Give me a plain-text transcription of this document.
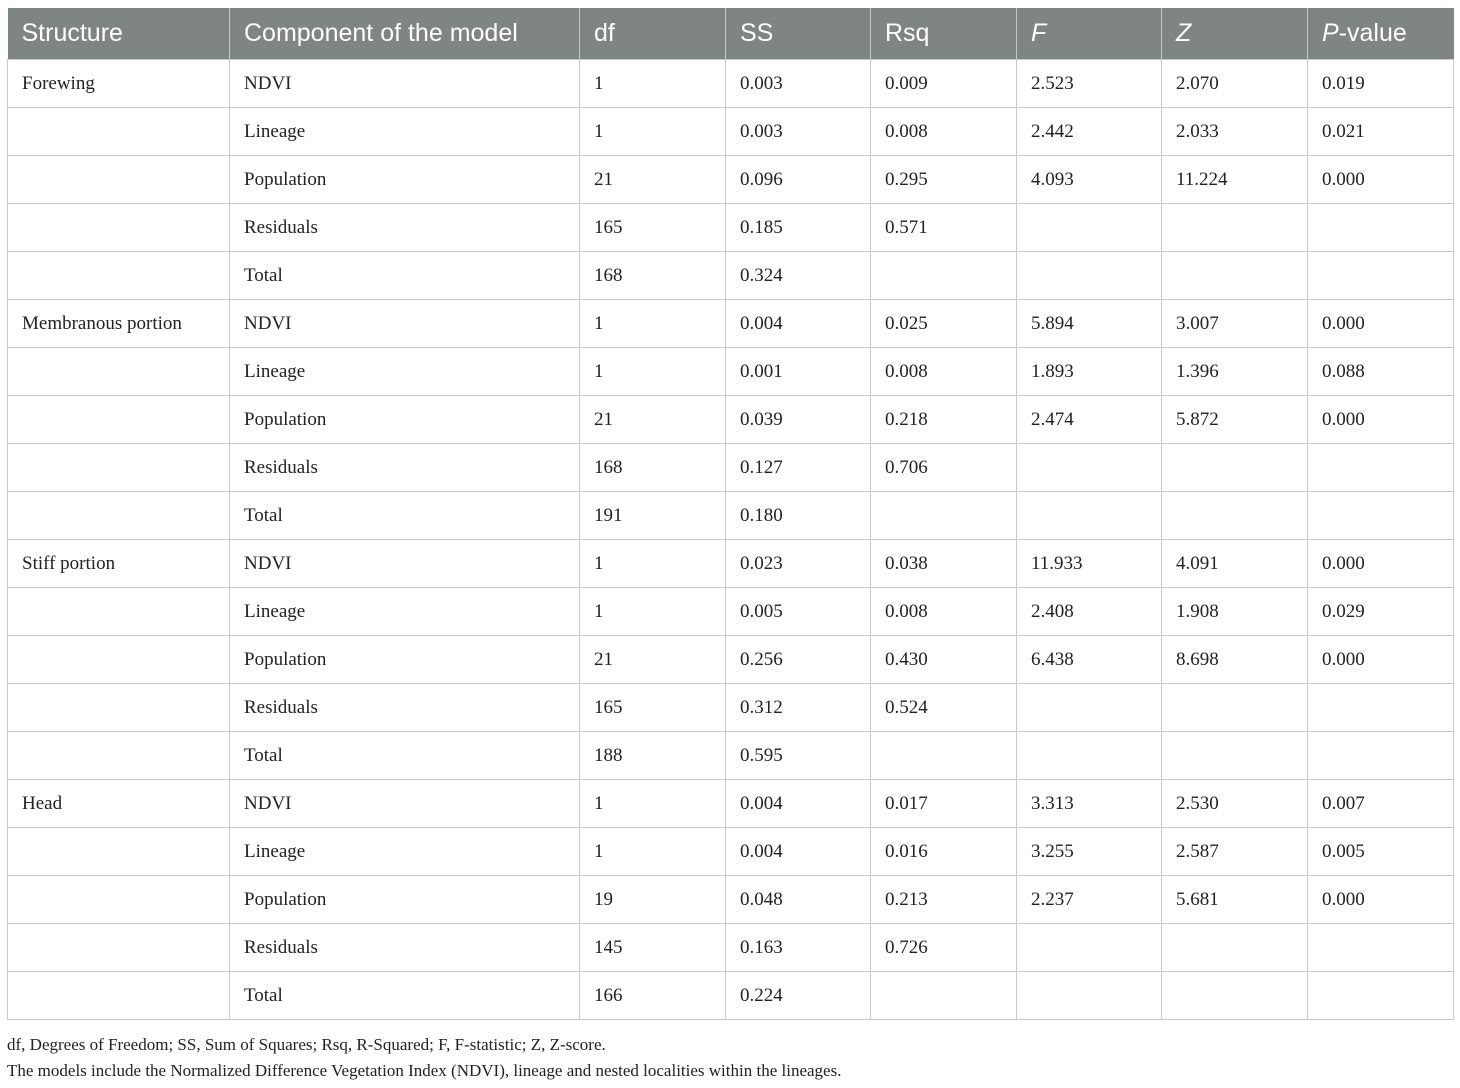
Structure	Component of the model	df	SS	Rsq	F	Z	P-value
Forewing	NDVI	1	0.003	0.009	2.523	2.070	0.019
	Lineage	1	0.003	0.008	2.442	2.033	0.021
	Population	21	0.096	0.295	4.093	11.224	0.000
	Residuals	165	0.185	0.571			
	Total	168	0.324				
Membranous portion	NDVI	1	0.004	0.025	5.894	3.007	0.000
	Lineage	1	0.001	0.008	1.893	1.396	0.088
	Population	21	0.039	0.218	2.474	5.872	0.000
	Residuals	168	0.127	0.706			
	Total	191	0.180				
Stiff portion	NDVI	1	0.023	0.038	11.933	4.091	0.000
	Lineage	1	0.005	0.008	2.408	1.908	0.029
	Population	21	0.256	0.430	6.438	8.698	0.000
	Residuals	165	0.312	0.524			
	Total	188	0.595				
Head	NDVI	1	0.004	0.017	3.313	2.530	0.007
	Lineage	1	0.004	0.016	3.255	2.587	0.005
	Population	19	0.048	0.213	2.237	5.681	0.000
	Residuals	145	0.163	0.726			
	Total	166	0.224				

df, Degrees of Freedom; SS, Sum of Squares; Rsq, R-Squared; F, F-statistic; Z, Z-score.

The models include the Normalized Difference Vegetation Index (NDVI), lineage and nested localities within the lineages.
